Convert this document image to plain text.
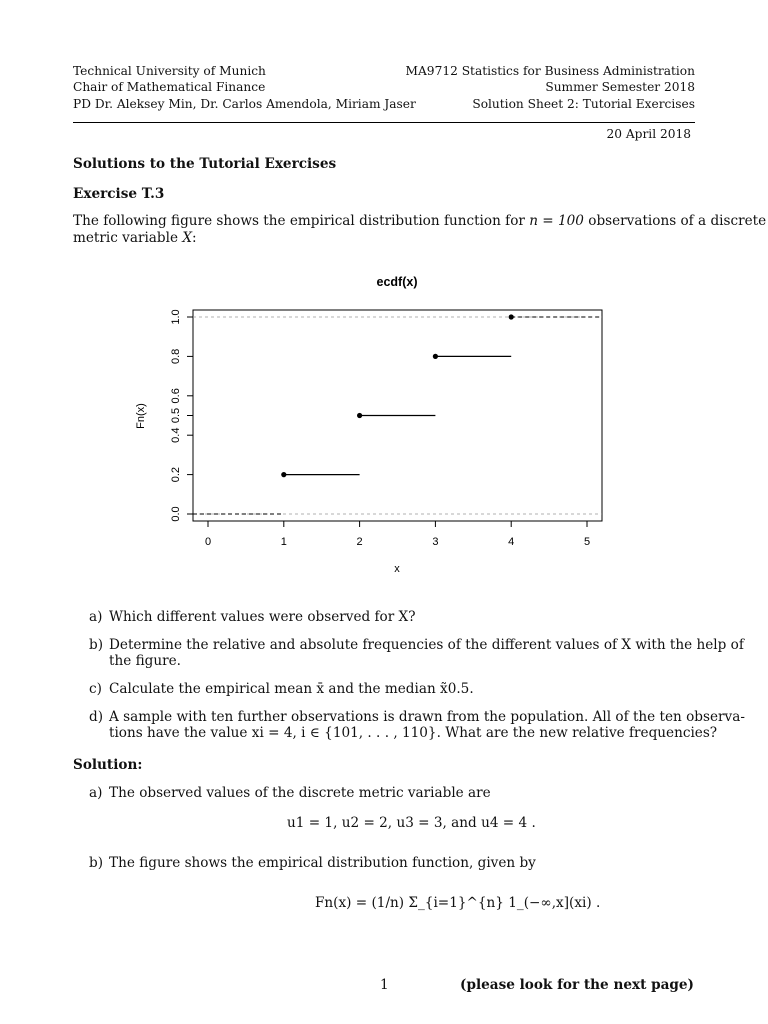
Technical University of Munich
Chair of Mathematical Finance
PD Dr. Aleksey Min, Dr. Carlos Amendola, Miriam Jaser
MA9712 Statistics for Business Administration
Summer Semester 2018
Solution Sheet 2: Tutorial Exercises
20 April 2018
Solutions to the Tutorial Exercises
Exercise T.3
The following figure shows the empirical distribution function for n = 100 observations of a discrete
metric variable X:
ecdf(x)
0	1	2	3	4	5
0.0
0.2
0.4
0.5
0.6
0.8
1.0
x
Fn(x)
a) Which different values were observed for X?
b) Determine the relative and absolute frequencies of the different values of X with the help of
the figure.
c) Calculate the empirical mean x̄ and the median x̃0.5.
d) A sample with ten further observations is drawn from the population. All of the ten observa-
tions have the value xi = 4, i ∈ {101, . . . , 110}. What are the new relative frequencies?
Solution:
a) The observed values of the discrete metric variable are
u1 = 1, u2 = 2, u3 = 3, and u4 = 4 .
b) The figure shows the empirical distribution function, given by
Fn(x) = (1/n) Σ_{i=1}^{n} 1_(−∞,x](xi) .
1	(please look for the next page)
